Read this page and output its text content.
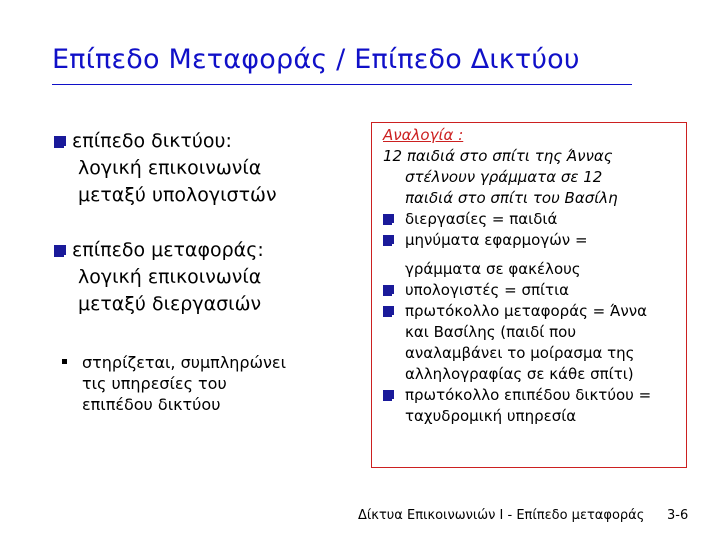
Επίπεδο Μεταφοράς / Επίπεδο Δικτύου

επίπεδο δικτύου:
λογική επικοινωνία
μεταξύ υπολογιστών

επίπεδο μεταφοράς:
λογική επικοινωνία
μεταξύ διεργασιών

στηρίζεται, συμπληρώνει
τις υπηρεσίες του
επιπέδου δικτύου
Αναλογία :
12 παιδιά στο σπίτι της Άννας
στέλνουν γράμματα σε 12
παιδιά στο σπίτι του Βασίλη
διεργασίες = παιδιά
μηνύματα εφαρμογών =
γράμματα σε φακέλους
υπολογιστές = σπίτια
πρωτόκολλο μεταφοράς = Άννα
και Βασίλης (παιδί που
αναλαμβάνει το μοίρασμα της
αλληλογραφίας σε κάθε σπίτι)
πρωτόκολλο επιπέδου δικτύου =
ταχυδρομική υπηρεσία
Δίκτυα Επικοινωνιών Ι - Επίπεδο μεταφοράς 3-6
